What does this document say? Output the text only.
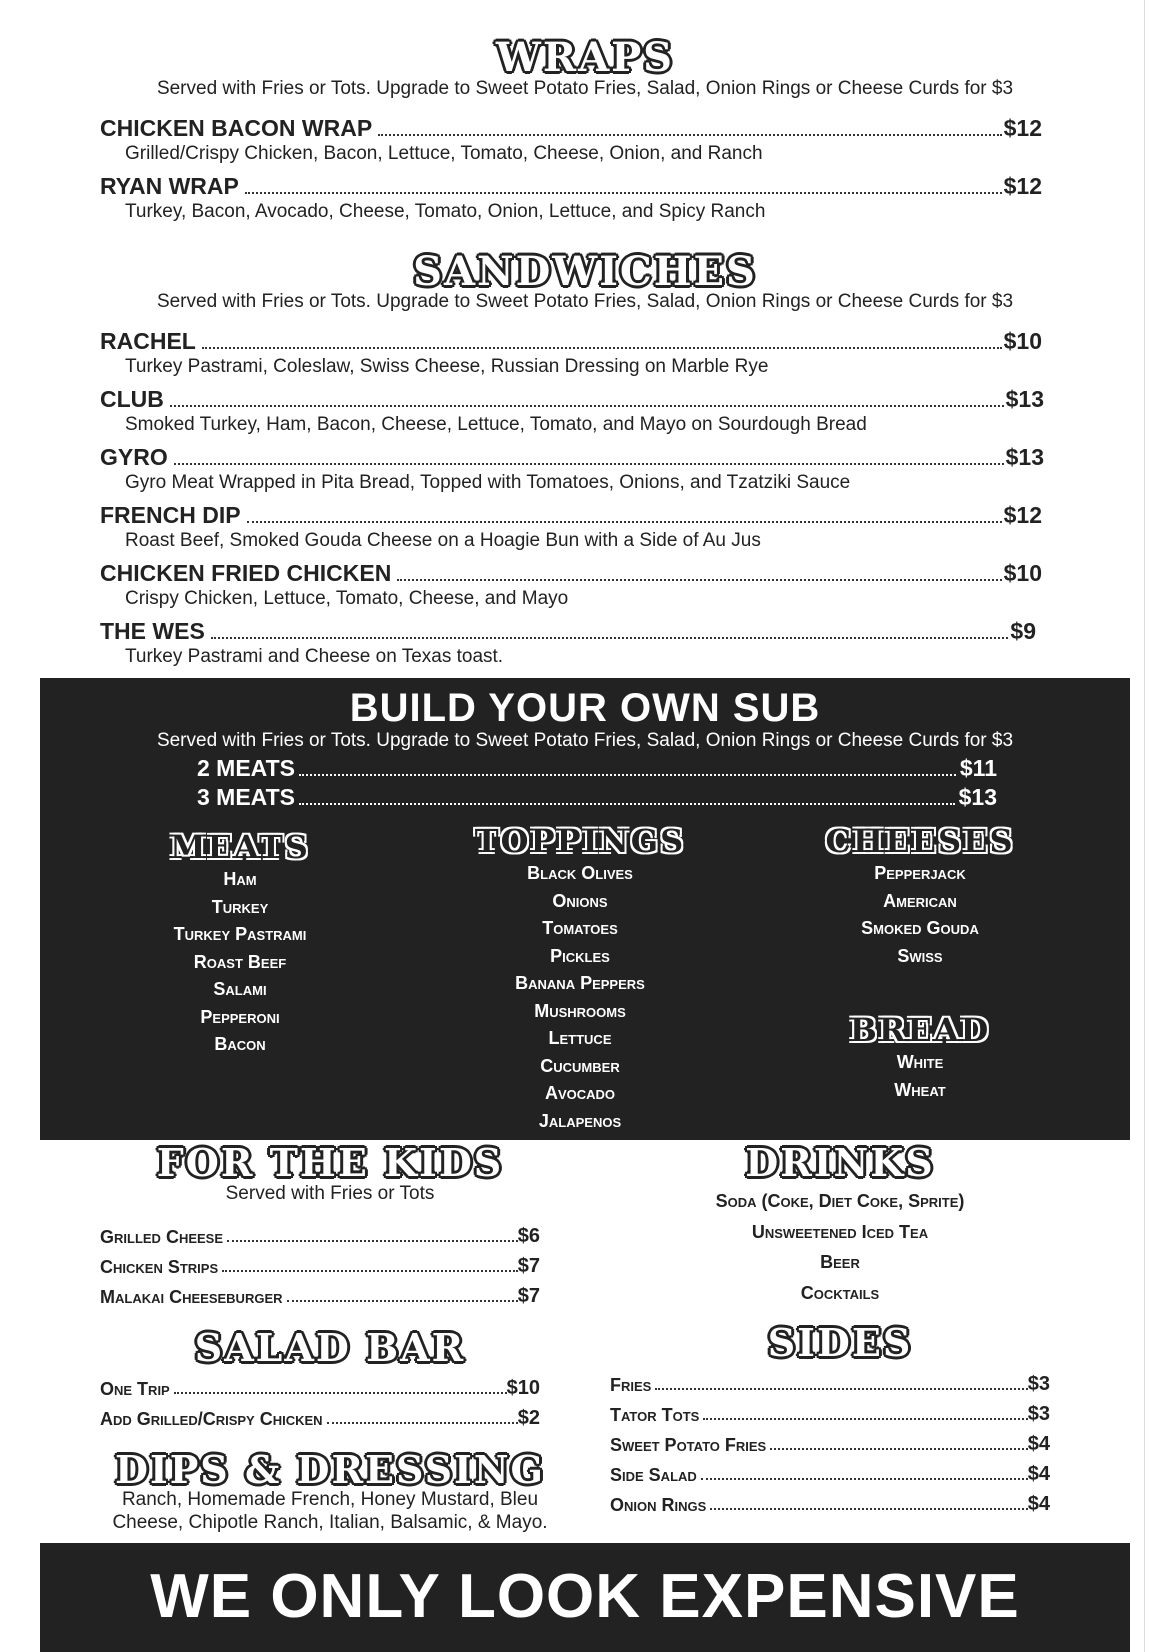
WRAPS
Served with Fries or Tots. Upgrade to Sweet Potato Fries, Salad, Onion Rings or Cheese Curds for $3
CHICKEN BACON WRAP	$12
Grilled/Crispy Chicken, Bacon, Lettuce, Tomato, Cheese, Onion, and Ranch
RYAN WRAP	$12
Turkey, Bacon, Avocado, Cheese, Tomato, Onion, Lettuce, and Spicy Ranch
SANDWICHES
Served with Fries or Tots. Upgrade to Sweet Potato Fries, Salad, Onion Rings or Cheese Curds for $3
RACHEL	$10
Turkey Pastrami, Coleslaw, Swiss Cheese, Russian Dressing on Marble Rye
CLUB	$13
Smoked Turkey, Ham, Bacon, Cheese, Lettuce, Tomato, and Mayo on Sourdough Bread
GYRO	$13
Gyro Meat Wrapped in Pita Bread, Topped with Tomatoes, Onions, and Tzatziki Sauce
FRENCH DIP	$12
Roast Beef, Smoked Gouda Cheese on a Hoagie Bun with a Side of Au Jus
CHICKEN FRIED CHICKEN	$10
Crispy Chicken, Lettuce, Tomato, Cheese, and Mayo
THE WES	$9
Turkey Pastrami and Cheese on Texas toast.
BUILD YOUR OWN SUB
Served with Fries or Tots. Upgrade to Sweet Potato Fries, Salad, Onion Rings or Cheese Curds for $3
2 MEATS	$11
3 MEATS	$13
MEATS
Ham
Turkey
Turkey Pastrami
Roast Beef
Salami
Pepperoni
Bacon
TOPPINGS
Black Olives
Onions
Tomatoes
Pickles
Banana Peppers
Mushrooms
Lettuce
Cucumber
Avocado
Jalapenos
CHEESES
Pepperjack
American
Smoked Gouda
Swiss
BREAD
White
Wheat
FOR THE KIDS
Served with Fries or Tots
Grilled Cheese	$6
Chicken Strips	$7
Malakai Cheeseburger	$7
SALAD BAR
One Trip	$10
Add Grilled/Crispy Chicken	$2
DIPS & DRESSING
Ranch, Homemade French, Honey Mustard, Bleu
Cheese, Chipotle Ranch, Italian, Balsamic, & Mayo.
DRINKS
Soda (Coke, Diet Coke, Sprite)
Unsweetened Iced Tea
Beer
Cocktails
SIDES
Fries	$3
Tator Tots	$3
Sweet Potato Fries	$4
Side Salad	$4
Onion Rings	$4
WE ONLY LOOK EXPENSIVE
